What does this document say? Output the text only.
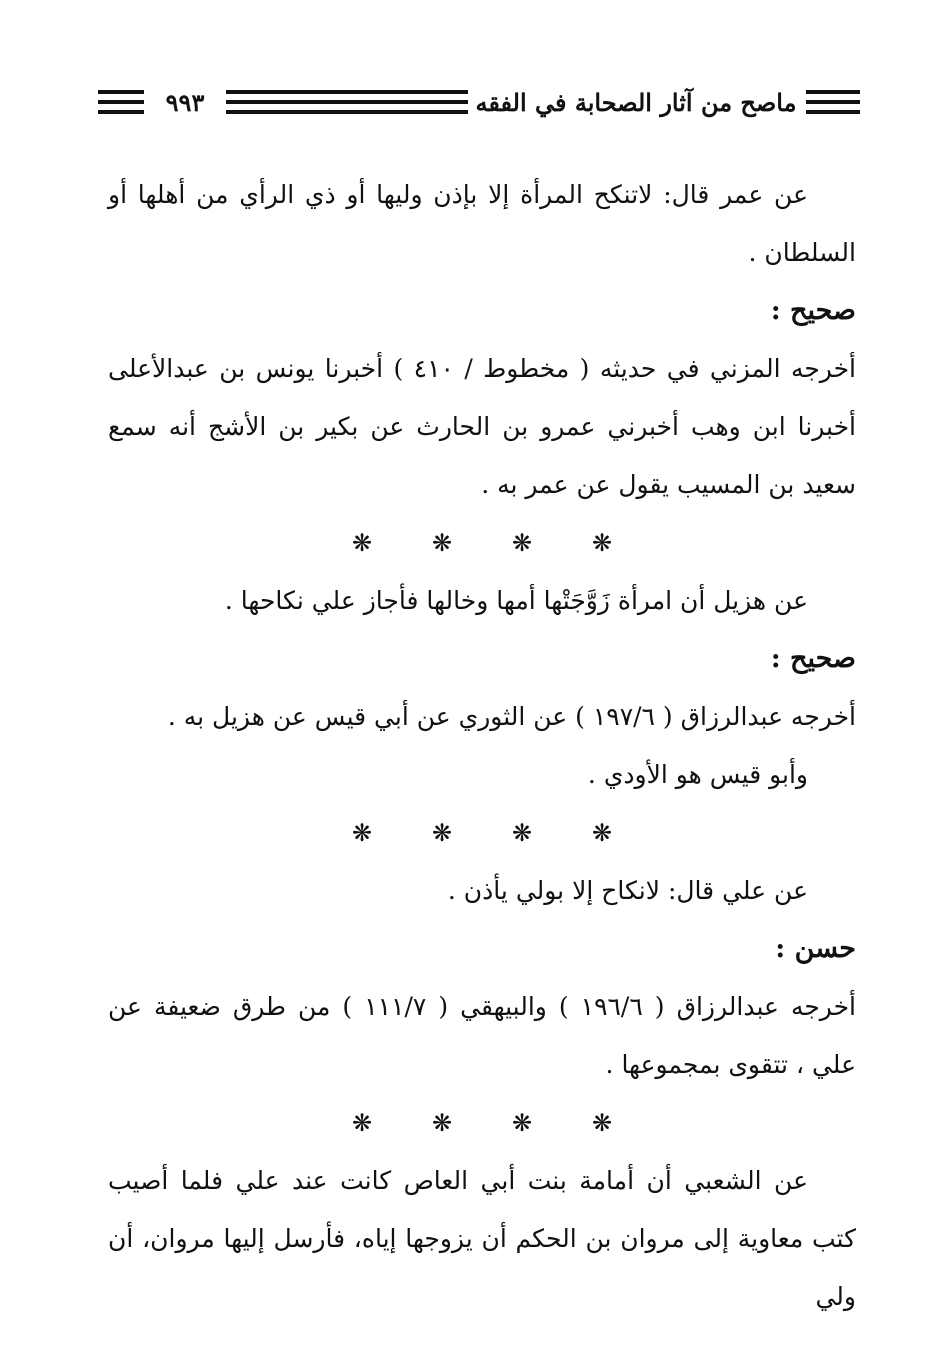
٩٩٣	ماصح من آثار الصحابة في الفقه

عن عمر قال: لاتنكح المرأة إلا بإذن وليها أو ذي الرأي من أهلها أو السلطان .

صحيح :

أخرجه المزني في حديثه ( مخطوط / ٤١٠ ) أخبرنا يونس بن عبدالأعلى أخبرنا ابن وهب أخبرني عمرو بن الحارث عن بكير بن الأشج أنه سمع سعيد بن المسيب يقول عن عمر به .

❋ ❋ ❋ ❋

عن هزيل أن امرأة زَوَّجَتْها أمها وخالها فأجاز علي نكاحها .

صحيح :

أخرجه عبدالرزاق ( ١٩٧/٦ ) عن الثوري عن أبي قيس عن هزيل به .

وأبو قيس هو الأودي .

❋ ❋ ❋ ❋

عن علي قال: لانكاح إلا بولي يأذن .

حسن :

أخرجه عبدالرزاق ( ١٩٦/٦ ) والبيهقي ( ١١١/٧ ) من طرق ضعيفة عن علي ، تتقوى بمجموعها .

❋ ❋ ❋ ❋

عن الشعبي أن أمامة بنت أبي العاص كانت عند علي فلما أصيب كتب معاوية إلى مروان بن الحكم أن يزوجها إياه، فأرسل إليها مروان، أن ولي
